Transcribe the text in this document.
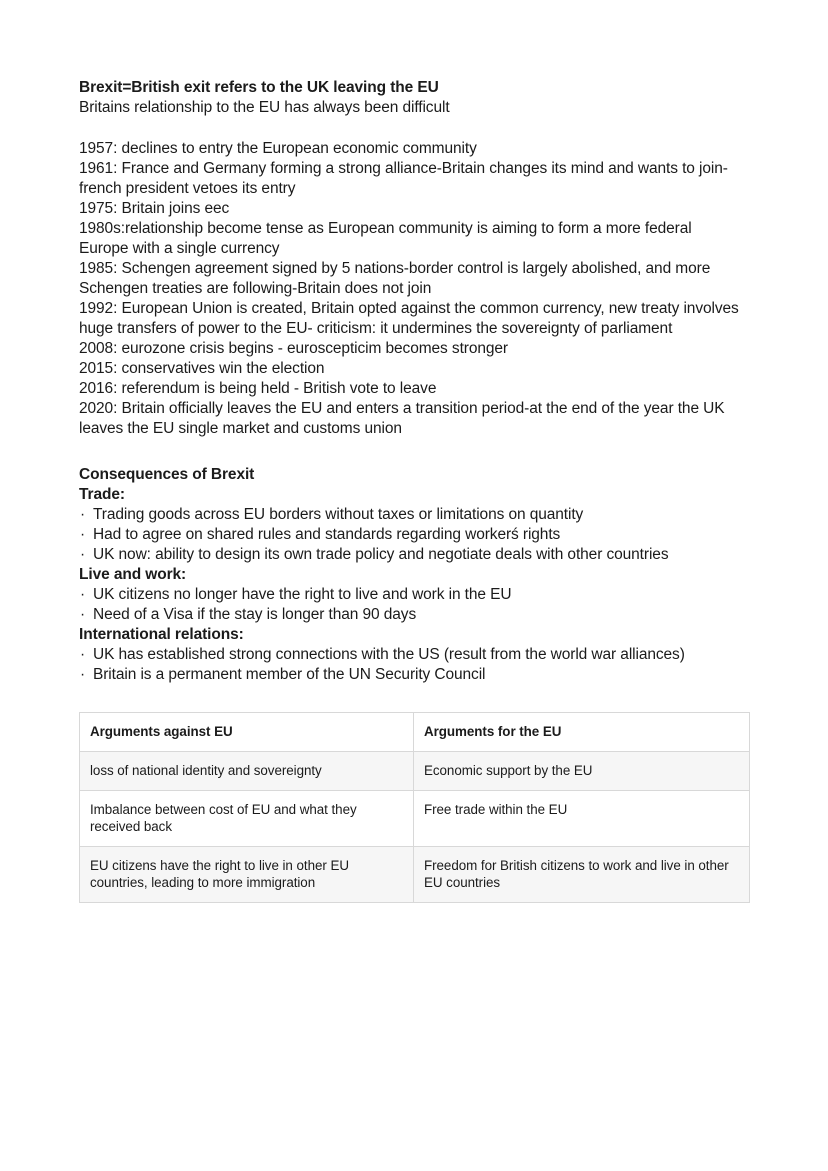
Brexit=British exit refers to the UK leaving the EU
Britains relationship to the EU has always been difficult
1957: declines to entry the European economic community
1961: France and Germany forming a strong alliance-Britain changes its mind and wants to join-french president vetoes its entry
1975: Britain joins eec
1980s:relationship become tense as European community is aiming to form a more federal Europe with a single currency
1985: Schengen agreement signed by 5 nations-border control is largely abolished, and more Schengen treaties are following-Britain does not join
1992: European Union is created, Britain opted against the common currency, new treaty involves huge transfers of power to the EU- criticism: it undermines the sovereignty of parliament
2008: eurozone crisis begins - euroscepticim becomes stronger
2015: conservatives win the election
2016: referendum is being held - British vote to leave
2020: Britain officially leaves the EU and enters a transition period-at the end of the year the UK leaves the EU single market and customs union
Consequences of Brexit
Trade:
· Trading goods across EU borders without taxes or limitations on quantity
· Had to agree on shared rules and standards regarding workerś rights
· UK now: ability to design its own trade policy and negotiate deals with other countries
Live and work:
· UK citizens no longer have the right to live and work in the EU
· Need of a Visa if the stay is longer than 90 days
International relations:
· UK has established strong connections with the US (result from the world war alliances)
· Britain is a permanent member of the UN Security Council
Arguments against EU	Arguments for the EU
loss of national identity and sovereignty	Economic support by the EU
Imbalance between cost of EU and what they received back	Free trade within the EU
EU citizens have the right to live in other EU countries, leading to more immigration	Freedom for British citizens to work and live in other EU countries
